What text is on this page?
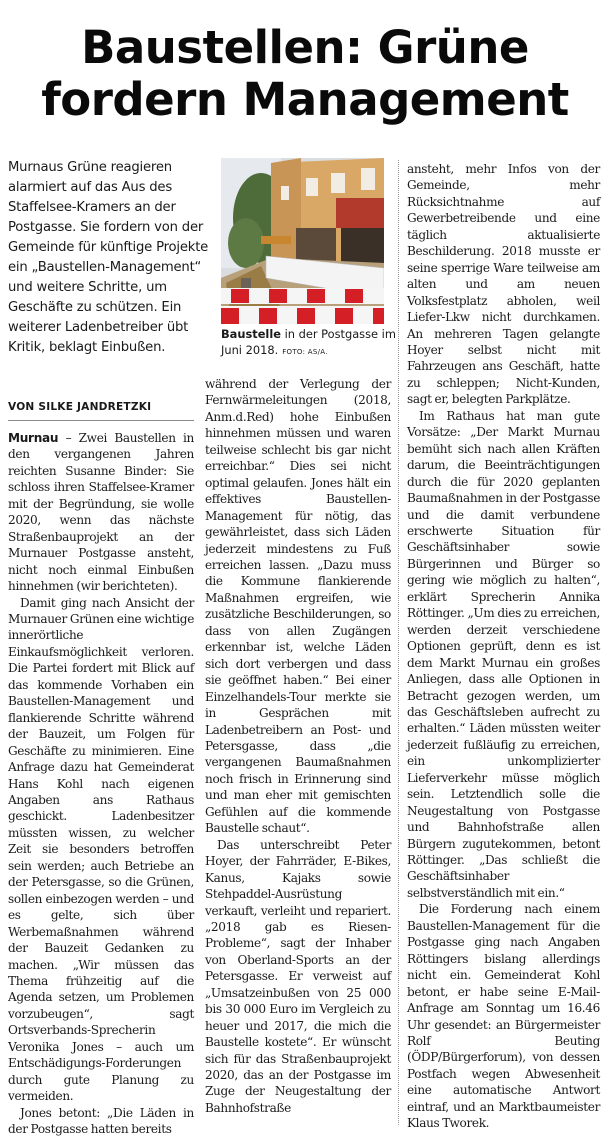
Baustellen: Grüne fordern Management

Murnaus Grüne reagieren alarmiert auf das Aus des Staffelsee-Kramers an der Postgasse. Sie fordern von der Gemeinde für künftige Projekte ein „Baustellen-Management“ und weitere Schritte, um Geschäfte zu schützen. Ein weiterer Ladenbetreiber übt Kritik, beklagt Einbußen.

Baustelle in der Postgasse im Juni 2018. FOTO: AS/A.
VON SILKE JANDRETZKI

Murnau – Zwei Baustellen in den vergangenen Jahren reichten Susanne Binder: Sie schloss ihren Staffelsee-Kramer mit der Begründung, sie wolle 2020, wenn das nächste Straßenbauprojekt an der Murnauer Postgasse ansteht, nicht noch einmal Einbußen hinnehmen (wir berichteten).

Damit ging nach Ansicht der Murnauer Grünen eine wichtige innerörtliche Einkaufsmöglichkeit verloren. Die Partei fordert mit Blick auf das kommende Vorhaben ein Baustellen-Management und flankierende Schritte während der Bauzeit, um Folgen für Geschäfte zu minimieren. Eine Anfrage dazu hat Gemeinderat Hans Kohl nach eigenen Angaben ans Rathaus geschickt. Ladenbesitzer müssten wissen, zu welcher Zeit sie besonders betroffen sein werden; auch Betriebe an der Petersgasse, so die Grünen, sollen einbezogen werden – und es gelte, sich über Werbemaßnahmen während der Bauzeit Gedanken zu machen. „Wir müssen das Thema frühzeitig auf die Agenda setzen, um Problemen vorzubeugen“, sagt Ortsverbands-Sprecherin Veronika Jones – auch um Entschädigungs-Forderungen durch gute Planung zu vermeiden.

Jones betont: „Die Läden in der Postgasse hatten bereits

während der Verlegung der Fernwärmeleitungen (2018, Anm.d.Red) hohe Einbußen hinnehmen müssen und waren teilweise schlecht bis gar nicht erreichbar.“ Dies sei nicht optimal gelaufen. Jones hält ein effektives Baustellen-Management für nötig, das gewährleistet, dass sich Läden jederzeit mindestens zu Fuß erreichen lassen. „Dazu muss die Kommune flankierende Maßnahmen ergreifen, wie zusätzliche Beschilderungen, so dass von allen Zugängen erkennbar ist, welche Läden sich dort verbergen und dass sie geöffnet haben.“ Bei einer Einzelhandels-Tour merkte sie in Gesprächen mit Ladenbetreibern an Post- und Petersgasse, dass „die vergangenen Baumaßnahmen noch frisch in Erinnerung sind und man eher mit gemischten Gefühlen auf die kommende Baustelle schaut“.

Das unterschreibt Peter Hoyer, der Fahrräder, E-Bikes, Kanus, Kajaks sowie Stehpaddel-Ausrüstung verkauft, verleiht und repariert. „2018 gab es Riesen-Probleme“, sagt der Inhaber von Oberland-Sports an der Petersgasse. Er verweist auf „Umsatzeinbußen von 25 000 bis 30 000 Euro im Vergleich zu heuer und 2017, die mich die Baustelle kostete“. Er wünscht sich für das Straßenbauprojekt 2020, das an der Postgasse im Zuge der Neugestaltung der Bahnhofstraße

ansteht, mehr Infos von der Gemeinde, mehr Rücksichtnahme auf Gewerbetreibende und eine täglich aktualisierte Beschilderung. 2018 musste er seine sperrige Ware teilweise am alten und am neuen Volksfestplatz abholen, weil Liefer-Lkw nicht durchkamen. An mehreren Tagen gelangte Hoyer selbst nicht mit Fahrzeugen ans Geschäft, hatte zu schleppen; Nicht-Kunden, sagt er, belegten Parkplätze.

Im Rathaus hat man gute Vorsätze: „Der Markt Murnau bemüht sich nach allen Kräften darum, die Beeinträchtigungen durch die für 2020 geplanten Baumaßnahmen in der Postgasse und die damit verbundene erschwerte Situation für Geschäftsinhaber sowie Bürgerinnen und Bürger so gering wie möglich zu halten“, erklärt Sprecherin Annika Röttinger. „Um dies zu erreichen, werden derzeit verschiedene Optionen geprüft, denn es ist dem Markt Murnau ein großes Anliegen, dass alle Optionen in Betracht gezogen werden, um das Geschäftsleben aufrecht zu erhalten.“ Läden müssten weiter jederzeit fußläufig zu erreichen, ein unkomplizierter Lieferverkehr müsse möglich sein. Letztendlich solle die Neugestaltung von Postgasse und Bahnhofstraße allen Bürgern zugutekommen, betont Röttinger. „Das schließt die Geschäftsinhaber selbstverständlich mit ein.“

Die Forderung nach einem Baustellen-Management für die Postgasse ging nach Angaben Röttingers bislang allerdings nicht ein. Gemeinderat Kohl betont, er habe seine E-Mail-Anfrage am Sonntag um 16.46 Uhr gesendet: an Bürgermeister Rolf Beuting (ÖDP/Bürgerforum), von dessen Postfach wegen Abwesenheit eine automatische Antwort eintraf, und an Marktbaumeister Klaus Tworek.
